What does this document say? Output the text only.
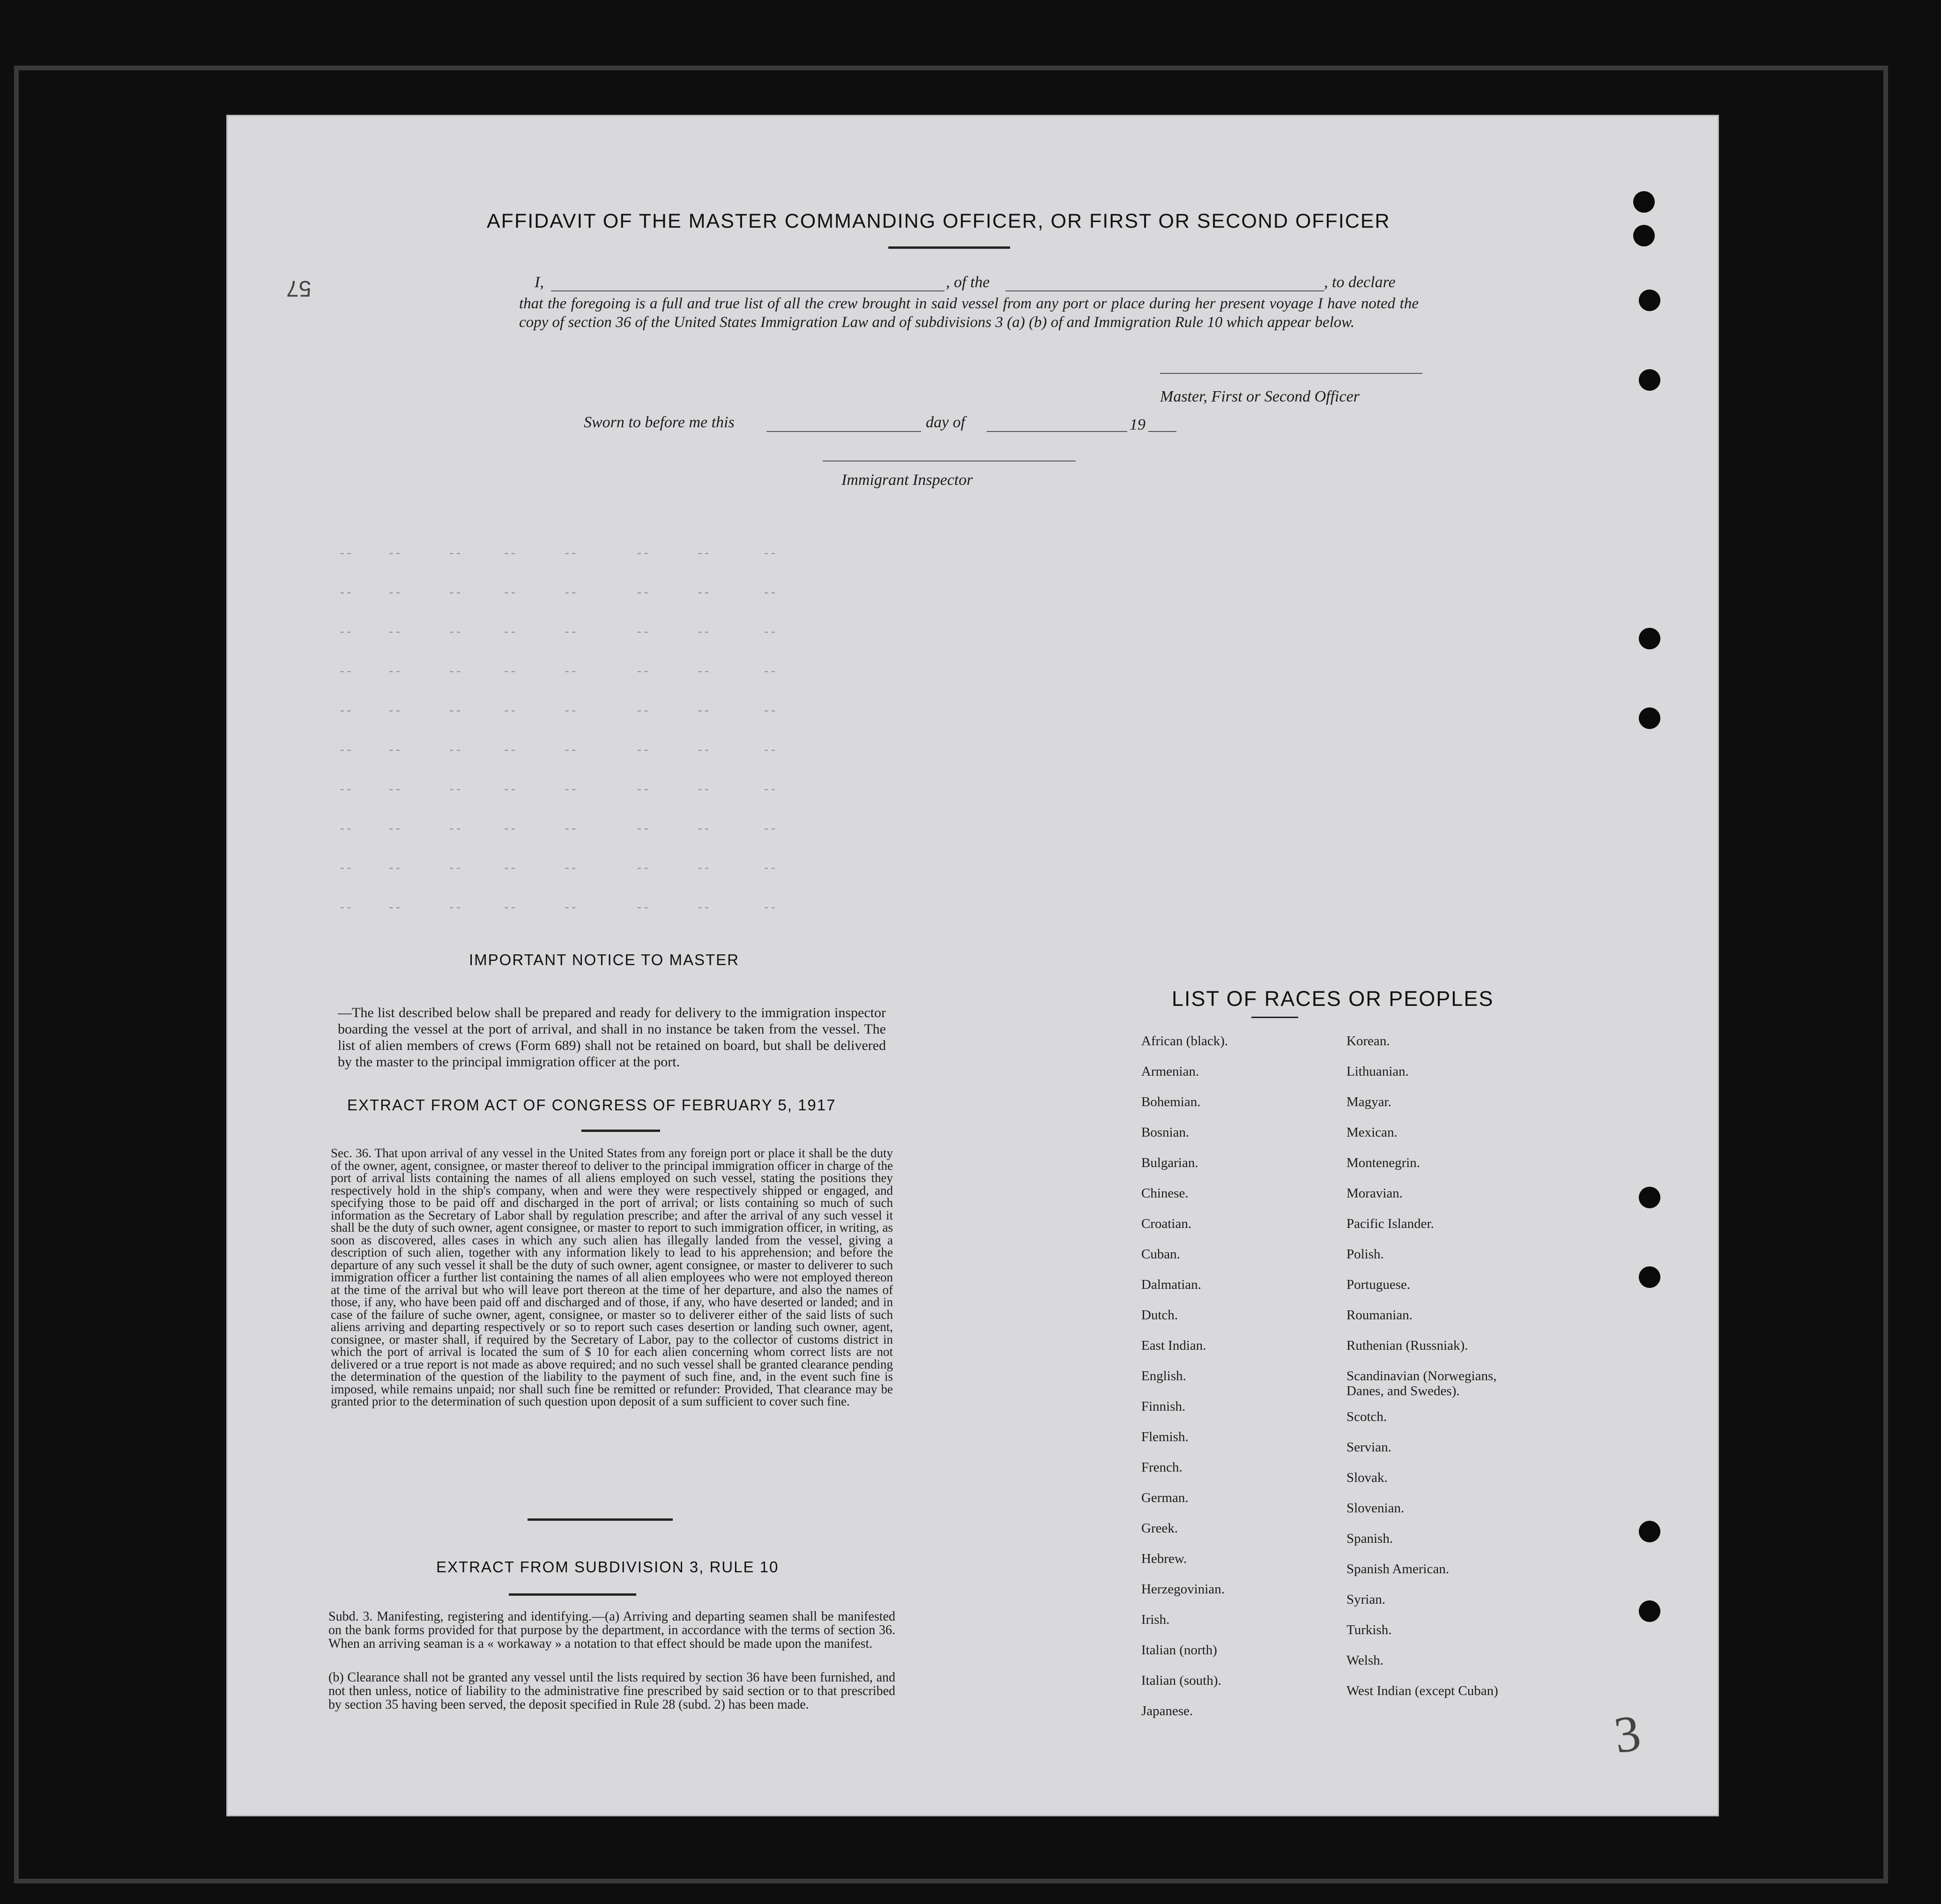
57
3
AFFIDAVIT OF THE MASTER COMMANDING OFFICER, OR FIRST OR SECOND OFFICER
I,	, of the	, to declare
that the foregoing is a full and true list of all the crew brought in said vessel from any port or place during her present voyage I have noted the copy of section 36 of the United States Immigration Law and of subdivisions 3 (a) (b) of and Immigration Rule 10 which appear below.
Master, First or Second Officer
Sworn to before me this	day of	19
Immigrant Inspector
--      --        --       --        --          --        --         --
--      --        --       --        --          --        --         --
--      --        --       --        --          --        --         --
--      --        --       --        --          --        --         --
--      --        --       --        --          --        --         --
--      --        --       --        --          --        --         --
--      --        --       --        --          --        --         --
--      --        --       --        --          --        --         --
--      --        --       --        --          --        --         --
--      --        --       --        --          --        --         --
IMPORTANT NOTICE TO MASTER
—The list described below shall be prepared and ready for delivery to the immigration inspector boarding the vessel at the port of arrival, and shall in no instance be taken from the vessel. The list of alien members of crews (Form 689) shall not be retained on board, but shall be delivered by the master to the principal immigration officer at the port.
EXTRACT FROM ACT OF CONGRESS OF FEBRUARY 5, 1917
Sec. 36. That upon arrival of any vessel in the United States from any foreign port or place it shall be the duty of the owner, agent, consignee, or master thereof to deliver to the principal immigration officer in charge of the port of arrival lists containing the names of all aliens employed on such vessel, stating the positions they respectively hold in the ship's company, when and were they were respectively shipped or engaged, and specifying those to be paid off and discharged in the port of arrival; or lists containing so much of such information as the Secretary of Labor shall by regulation prescribe; and after the arrival of any such vessel it shall be the duty of such owner, agent consignee, or master to report to such immigration officer, in writing, as soon as discovered, alles cases in which any such alien has illegally landed from the vessel, giving a description of such alien, together with any information likely to lead to his apprehension; and before the departure of any such vessel it shall be the duty of such owner, agent consignee, or master to deliverer to such immigration officer a further list containing the names of all alien employees who were not employed thereon at the time of the arrival but who will leave port thereon at the time of her departure, and also the names of those, if any, who have been paid off and discharged and of those, if any, who have deserted or landed; and in case of the failure of suche owner, agent, consignee, or master so to deliverer either of the said lists of such aliens arriving and departing respectively or so to report such cases desertion or landing such owner, agent, consignee, or master shall, if required by the Secretary of Labor, pay to the collector of customs district in which the port of arrival is located the sum of $ 10 for each alien concerning whom correct lists are not delivered or a true report is not made as above required; and no such vessel shall be granted clearance pending the determination of the question of the liability to the payment of such fine, and, in the event such fine is imposed, while remains unpaid; nor shall such fine be remitted or refunder: Provided, That clearance may be granted prior to the determination of such question upon deposit of a sum sufficient to cover such fine.
EXTRACT FROM SUBDIVISION 3, RULE 10
Subd. 3. Manifesting, registering and identifying.—(a) Arriving and departing seamen shall be manifested on the bank forms provided for that purpose by the department, in accordance with the terms of section 36. When an arriving seaman is a « workaway » a notation to that effect should be made upon the manifest.
(b) Clearance shall not be granted any vessel until the lists required by section 36 have been furnished, and not then unless, notice of liability to the administrative fine prescribed by said section or to that prescribed by section 35 having been served, the deposit specified in Rule 28 (subd. 2) has been made.
LIST OF RACES OR PEOPLES
African (black).
Armenian.
Bohemian.
Bosnian.
Bulgarian.
Chinese.
Croatian.
Cuban.
Dalmatian.
Dutch.
East Indian.
English.
Finnish.
Flemish.
French.
German.
Greek.
Hebrew.
Herzegovinian.
Irish.
Italian (north)
Italian (south).
Japanese.
Korean.
Lithuanian.
Magyar.
Mexican.
Montenegrin.
Moravian.
Pacific Islander.
Polish.
Portuguese.
Roumanian.
Ruthenian (Russniak).
Scandinavian (Norwegians, Danes, and Swedes).
Scotch.
Servian.
Slovak.
Slovenian.
Spanish.
Spanish American.
Syrian.
Turkish.
Welsh.
West Indian (except Cuban)
